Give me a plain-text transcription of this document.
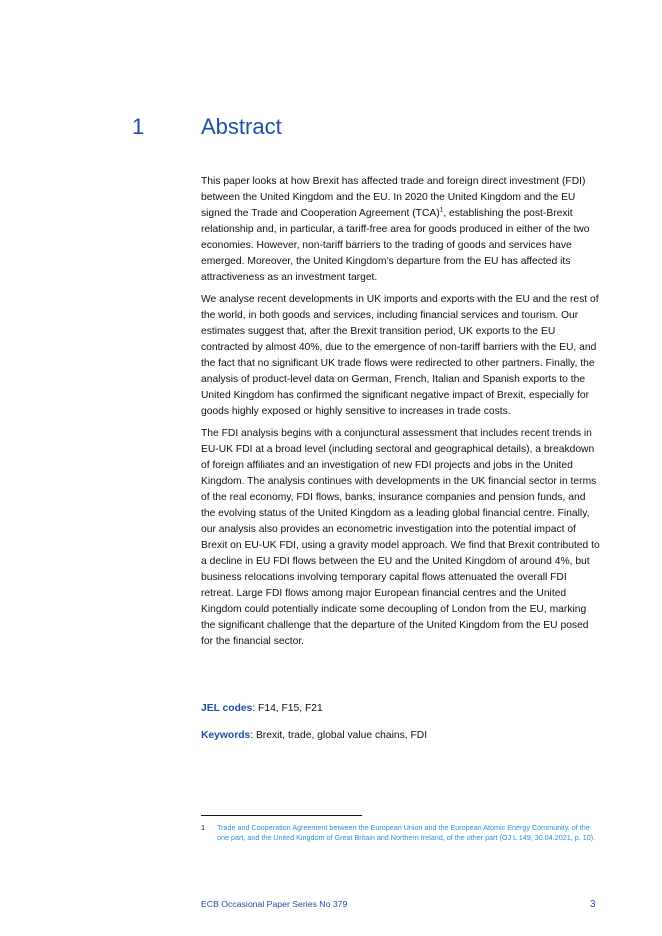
1	Abstract

This paper looks at how Brexit has affected trade and foreign direct investment (FDI) between the United Kingdom and the EU. In 2020 the United Kingdom and the EU signed the Trade and Cooperation Agreement (TCA)$^1$, establishing the post-Brexit relationship and, in particular, a tariff-free area for goods produced in either of the two economies. However, non-tariff barriers to the trading of goods and services have emerged. Moreover, the United Kingdom’s departure from the EU has affected its attractiveness as an investment target.

We analyse recent developments in UK imports and exports with the EU and the rest of the world, in both goods and services, including financial services and tourism. Our estimates suggest that, after the Brexit transition period, UK exports to the EU contracted by almost 40%, due to the emergence of non-tariff barriers with the EU, and the fact that no significant UK trade flows were redirected to other partners. Finally, the analysis of product-level data on German, French, Italian and Spanish exports to the United Kingdom has confirmed the significant negative impact of Brexit, especially for goods highly exposed or highly sensitive to increases in trade costs.

The FDI analysis begins with a conjunctural assessment that includes recent trends in EU-UK FDI at a broad level (including sectoral and geographical details), a breakdown of foreign affiliates and an investigation of new FDI projects and jobs in the United Kingdom. The analysis continues with developments in the UK financial sector in terms of the real economy, FDI flows, banks, insurance companies and pension funds, and the evolving status of the United Kingdom as a leading global financial centre. Finally, our analysis also provides an econometric investigation into the potential impact of Brexit on EU-UK FDI, using a gravity model approach. We find that Brexit contributed to a decline in EU FDI flows between the EU and the United Kingdom of around 4%, but business relocations involving temporary capital flows attenuated the overall FDI retreat. Large FDI flows among major European financial centres and the United Kingdom could potentially indicate some decoupling of London from the EU, marking the significant challenge that the departure of the United Kingdom from the EU posed for the financial sector.

JEL codes: F14, F15, F21
Keywords: Brexit, trade, global value chains, FDI
1 Trade and Cooperation Agreement between the European Union and the European Atomic Energy Community, of the one part, and the United Kingdom of Great Britain and Northern Ireland, of the other part (OJ L 149, 30.04.2021, p. 10).
ECB Occasional Paper Series No 379	3
